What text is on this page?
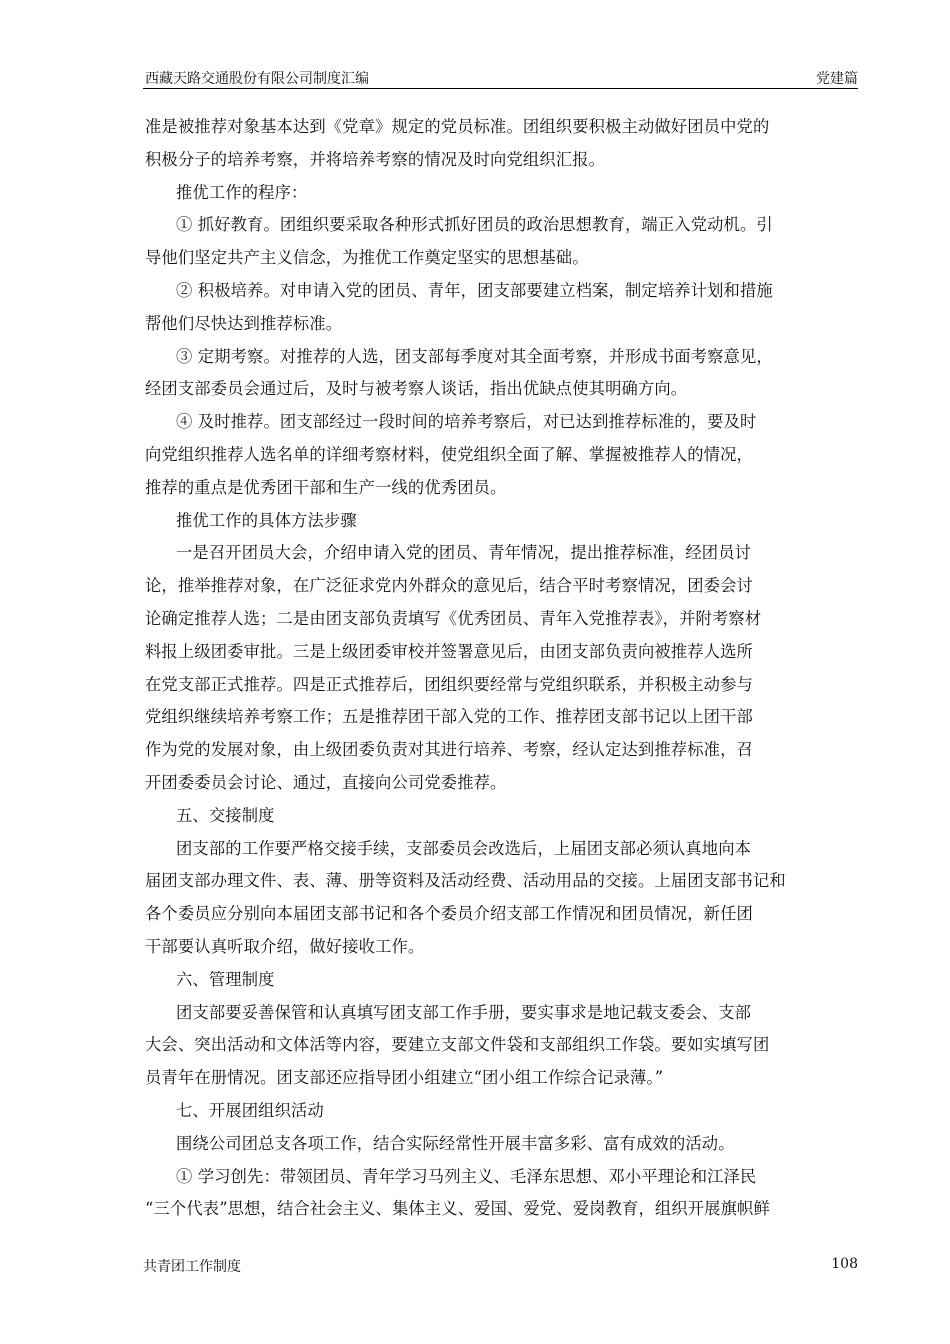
西藏天路交通股份有限公司制度汇编	党建篇
准是被推荐对象基本达到《党章》规定的党员标准。团组织要积极主动做好团员中党的
积极分子的培养考察，并将培养考察的情况及时向党组织汇报。
推优工作的程序：
① 抓好教育。团组织要采取各种形式抓好团员的政治思想教育，端正入党动机。引
导他们坚定共产主义信念，为推优工作奠定坚实的思想基础。
② 积极培养。对申请入党的团员、青年，团支部要建立档案，制定培养计划和措施
帮他们尽快达到推荐标准。
③ 定期考察。对推荐的人选，团支部每季度对其全面考察，并形成书面考察意见，
经团支部委员会通过后，及时与被考察人谈话，指出优缺点使其明确方向。
④ 及时推荐。团支部经过一段时间的培养考察后，对已达到推荐标准的，要及时
向党组织推荐人选名单的详细考察材料，使党组织全面了解、掌握被推荐人的情况，
推荐的重点是优秀团干部和生产一线的优秀团员。
推优工作的具体方法步骤
一是召开团员大会，介绍申请入党的团员、青年情况，提出推荐标准，经团员讨
论，推举推荐对象，在广泛征求党内外群众的意见后，结合平时考察情况，团委会讨
论确定推荐人选；二是由团支部负责填写《优秀团员、青年入党推荐表》，并附考察材
料报上级团委审批。三是上级团委审校并签署意见后，由团支部负责向被推荐人选所
在党支部正式推荐。四是正式推荐后，团组织要经常与党组织联系，并积极主动参与
党组织继续培养考察工作；五是推荐团干部入党的工作、推荐团支部书记以上团干部
作为党的发展对象，由上级团委负责对其进行培养、考察，经认定达到推荐标准，召
开团委委员会讨论、通过，直接向公司党委推荐。
五、交接制度
团支部的工作要严格交接手续，支部委员会改选后，上届团支部必须认真地向本
届团支部办理文件、表、薄、册等资料及活动经费、活动用品的交接。上届团支部书记和
各个委员应分别向本届团支部书记和各个委员介绍支部工作情况和团员情况，新任团
干部要认真听取介绍，做好接收工作。
六、管理制度
团支部要妥善保管和认真填写团支部工作手册，要实事求是地记载支委会、支部
大会、突出活动和文体活等内容，要建立支部文件袋和支部组织工作袋。要如实填写团
员青年在册情况。团支部还应指导团小组建立“团小组工作综合记录薄。”
七、开展团组织活动
围绕公司团总支各项工作，结合实际经常性开展丰富多彩、富有成效的活动。
① 学习创先：带领团员、青年学习马列主义、毛泽东思想、邓小平理论和江泽民
“三个代表”思想，结合社会主义、集体主义、爱国、爱党、爱岗教育，组织开展旗帜鲜
共青团工作制度	108
